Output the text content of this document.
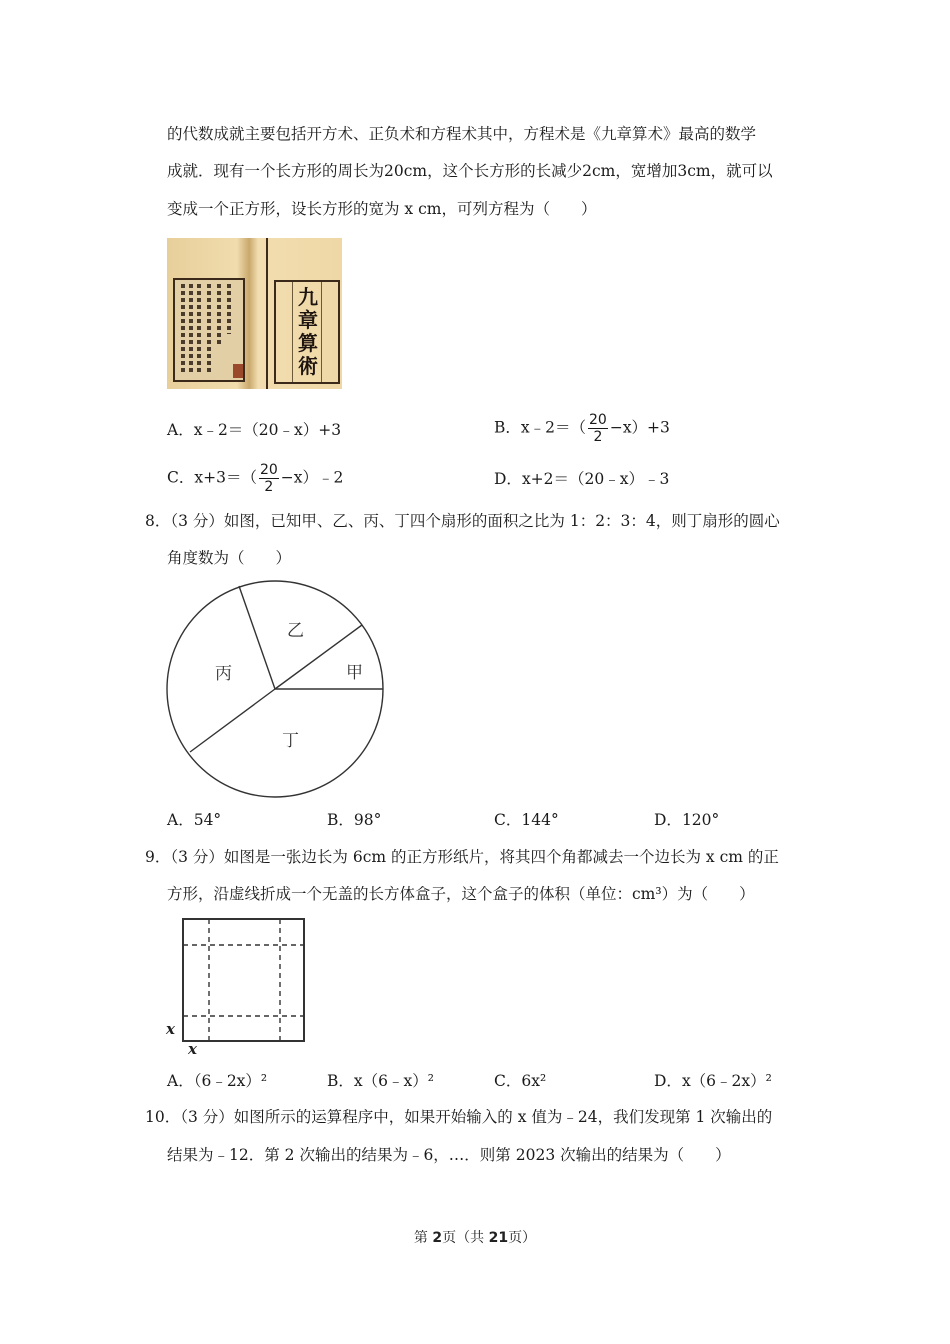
的代数成就主要包括开方术、正负术和方程术其中，方程术是《九章算术》最高的数学
成就．现有一个长方形的周长为20cm，这个长方形的长减少2cm，宽增加3cm，就可以
变成一个正方形，设长方形的宽为 x cm，可列方程为（　　）
九
章
算
術
A．x﹣2＝（20﹣x）+3	B．x﹣2＝（ $\frac{20}{2} -x)+3$
C．$x+3=( \frac{20}{2}$ −x）﹣2	D．x+2＝（20﹣x）﹣3
8．（3 分）如图，已知甲、乙、丙、丁四个扇形的面积之比为 1：2：3：4，则丁扇形的圆心
角度数为（　　）
甲
乙
丙
丁
A．54°	B．98°	C．144°	D．120°
9．（3 分）如图是一张边长为 6cm 的正方形纸片，将其四个角都减去一个边长为 x cm 的正
方形，沿虚线折成一个无盖的长方体盒子，这个盒子的体积（单位：cm³）为（　　）
x
x
A．（6﹣2x）²	B．x（6﹣x）²	C．6x²	D．x（6﹣2x）²
10．（3 分）如图所示的运算程序中，如果开始输入的 x 值为﹣24，我们发现第 1 次输出的
结果为﹣12．第 2 次输出的结果为﹣6，…．则第 2023 次输出的结果为（　　）
第 2页（共 21页）
